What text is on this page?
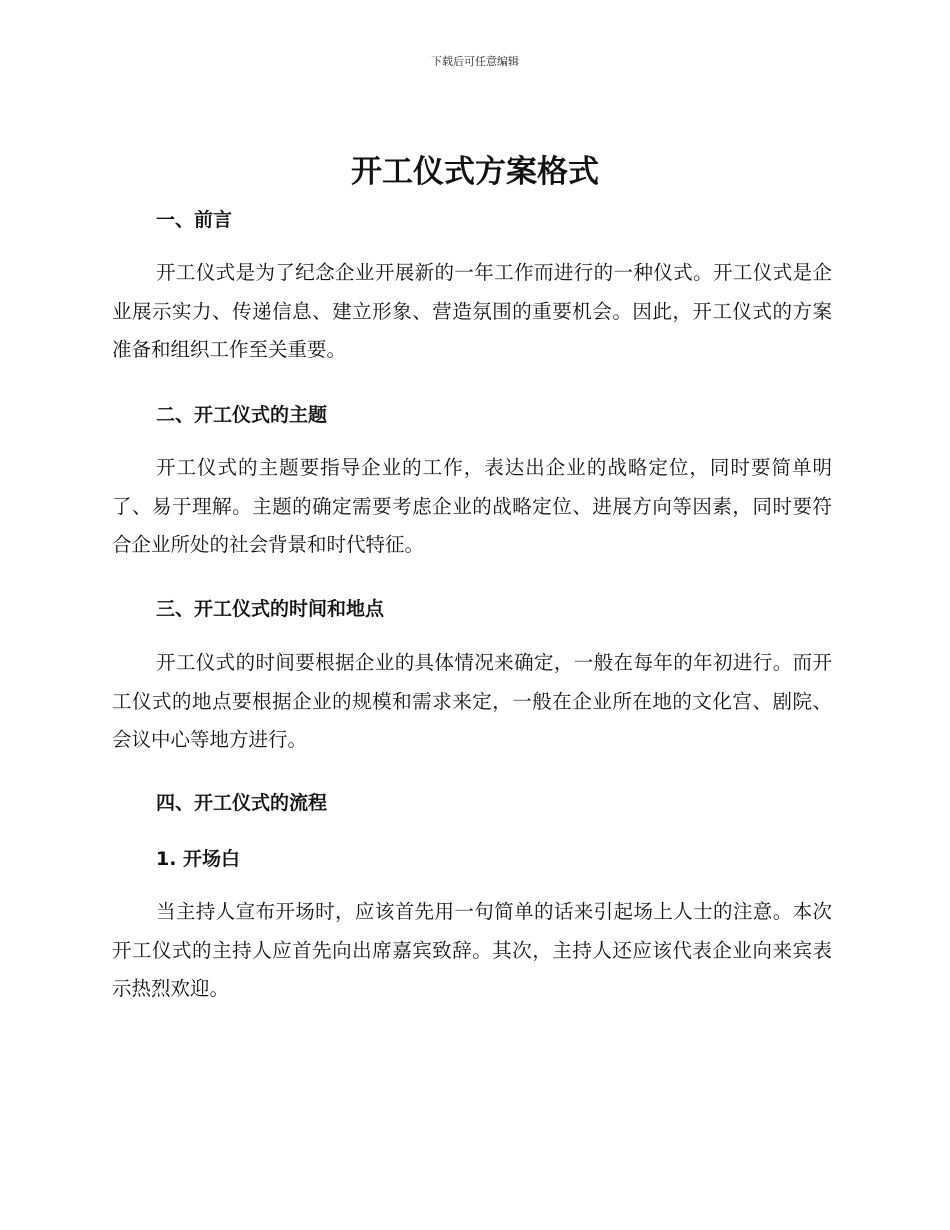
下载后可任意编辑
开工仪式方案格式
一、前言

开工仪式是为了纪念企业开展新的一年工作而进行的一种仪式。开工仪式是企业展示实力、传递信息、建立形象、营造氛围的重要机会。因此，开工仪式的方案准备和组织工作至关重要。

二、开工仪式的主题

开工仪式的主题要指导企业的工作，表达出企业的战略定位，同时要简单明了、易于理解。主题的确定需要考虑企业的战略定位、进展方向等因素，同时要符合企业所处的社会背景和时代特征。

三、开工仪式的时间和地点

开工仪式的时间要根据企业的具体情况来确定，一般在每年的年初进行。而开工仪式的地点要根据企业的规模和需求来定，一般在企业所在地的文化宫、剧院、会议中心等地方进行。

四、开工仪式的流程
1. 开场白

当主持人宣布开场时，应该首先用一句简单的话来引起场上人士的注意。本次开工仪式的主持人应首先向出席嘉宾致辞。其次，主持人还应该代表企业向来宾表示热烈欢迎。
